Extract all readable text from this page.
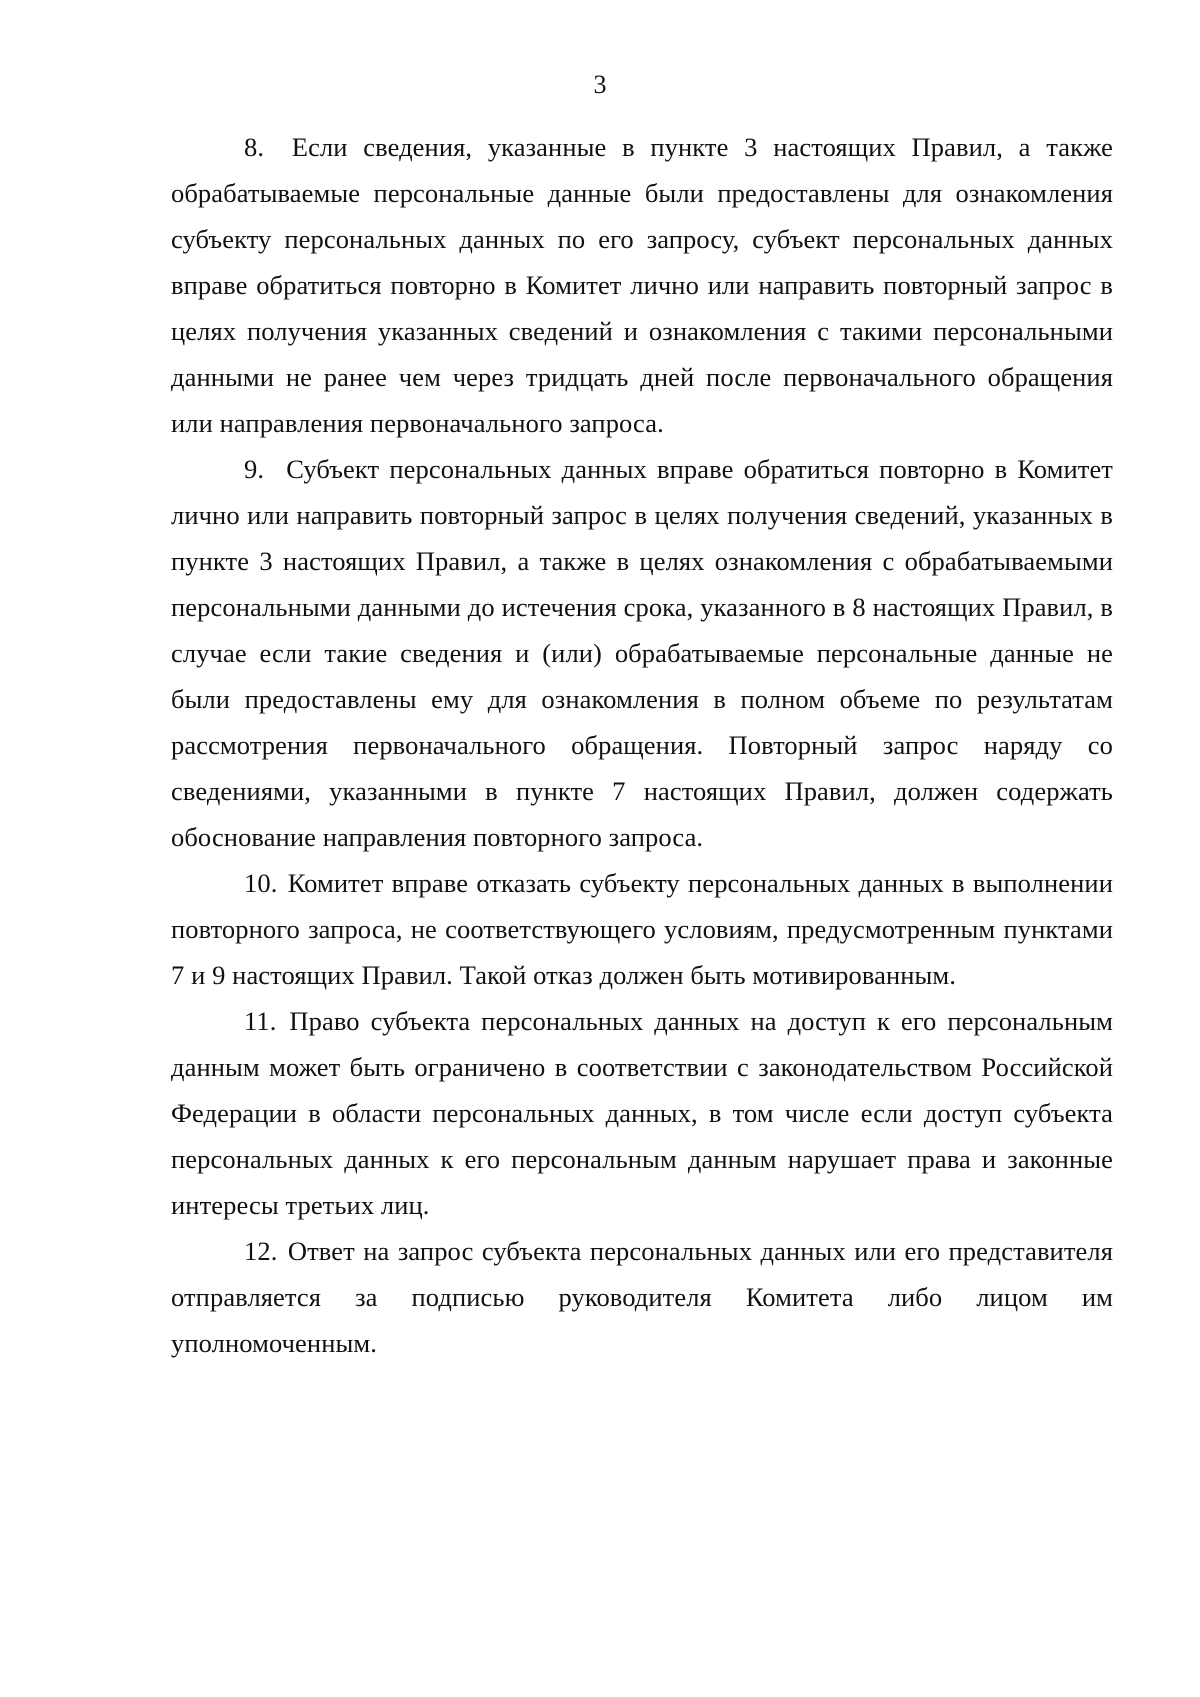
3

8. Если сведения, указанные в пункте 3 настоящих Правил, а также обрабатываемые персональные данные были предоставлены для ознакомления субъекту персональных данных по его запросу, субъект персональных данных вправе обратиться повторно в Комитет лично или направить повторный запрос в целях получения указанных сведений и ознакомления с такими персональными данными не ранее чем через тридцать дней после первоначального обращения или направления первоначального запроса.

9. Субъект персональных данных вправе обратиться повторно в Комитет лично или направить повторный запрос в целях получения сведений, указанных в пункте 3 настоящих Правил, а также в целях ознакомления с обрабатываемыми персональными данными до истечения срока, указанного в 8 настоящих Правил, в случае если такие сведения и (или) обрабатываемые персональные данные не были предоставлены ему для ознакомления в полном объеме по результатам рассмотрения первоначального обращения. Повторный запрос наряду со сведениями, указанными в пункте 7 настоящих Правил, должен содержать обоснование направления повторного запроса.

10. Комитет вправе отказать субъекту персональных данных в выполнении повторного запроса, не соответствующего условиям, предусмотренным пунктами 7 и 9 настоящих Правил. Такой отказ должен быть мотивированным.

11. Право субъекта персональных данных на доступ к его персональным данным может быть ограничено в соответствии с законодательством Российской Федерации в области персональных данных, в том числе если доступ субъекта персональных данных к его персональным данным нарушает права и законные интересы третьих лиц.

12. Ответ на запрос субъекта персональных данных или его представителя отправляется за подписью руководителя Комитета либо лицом им уполномоченным.
